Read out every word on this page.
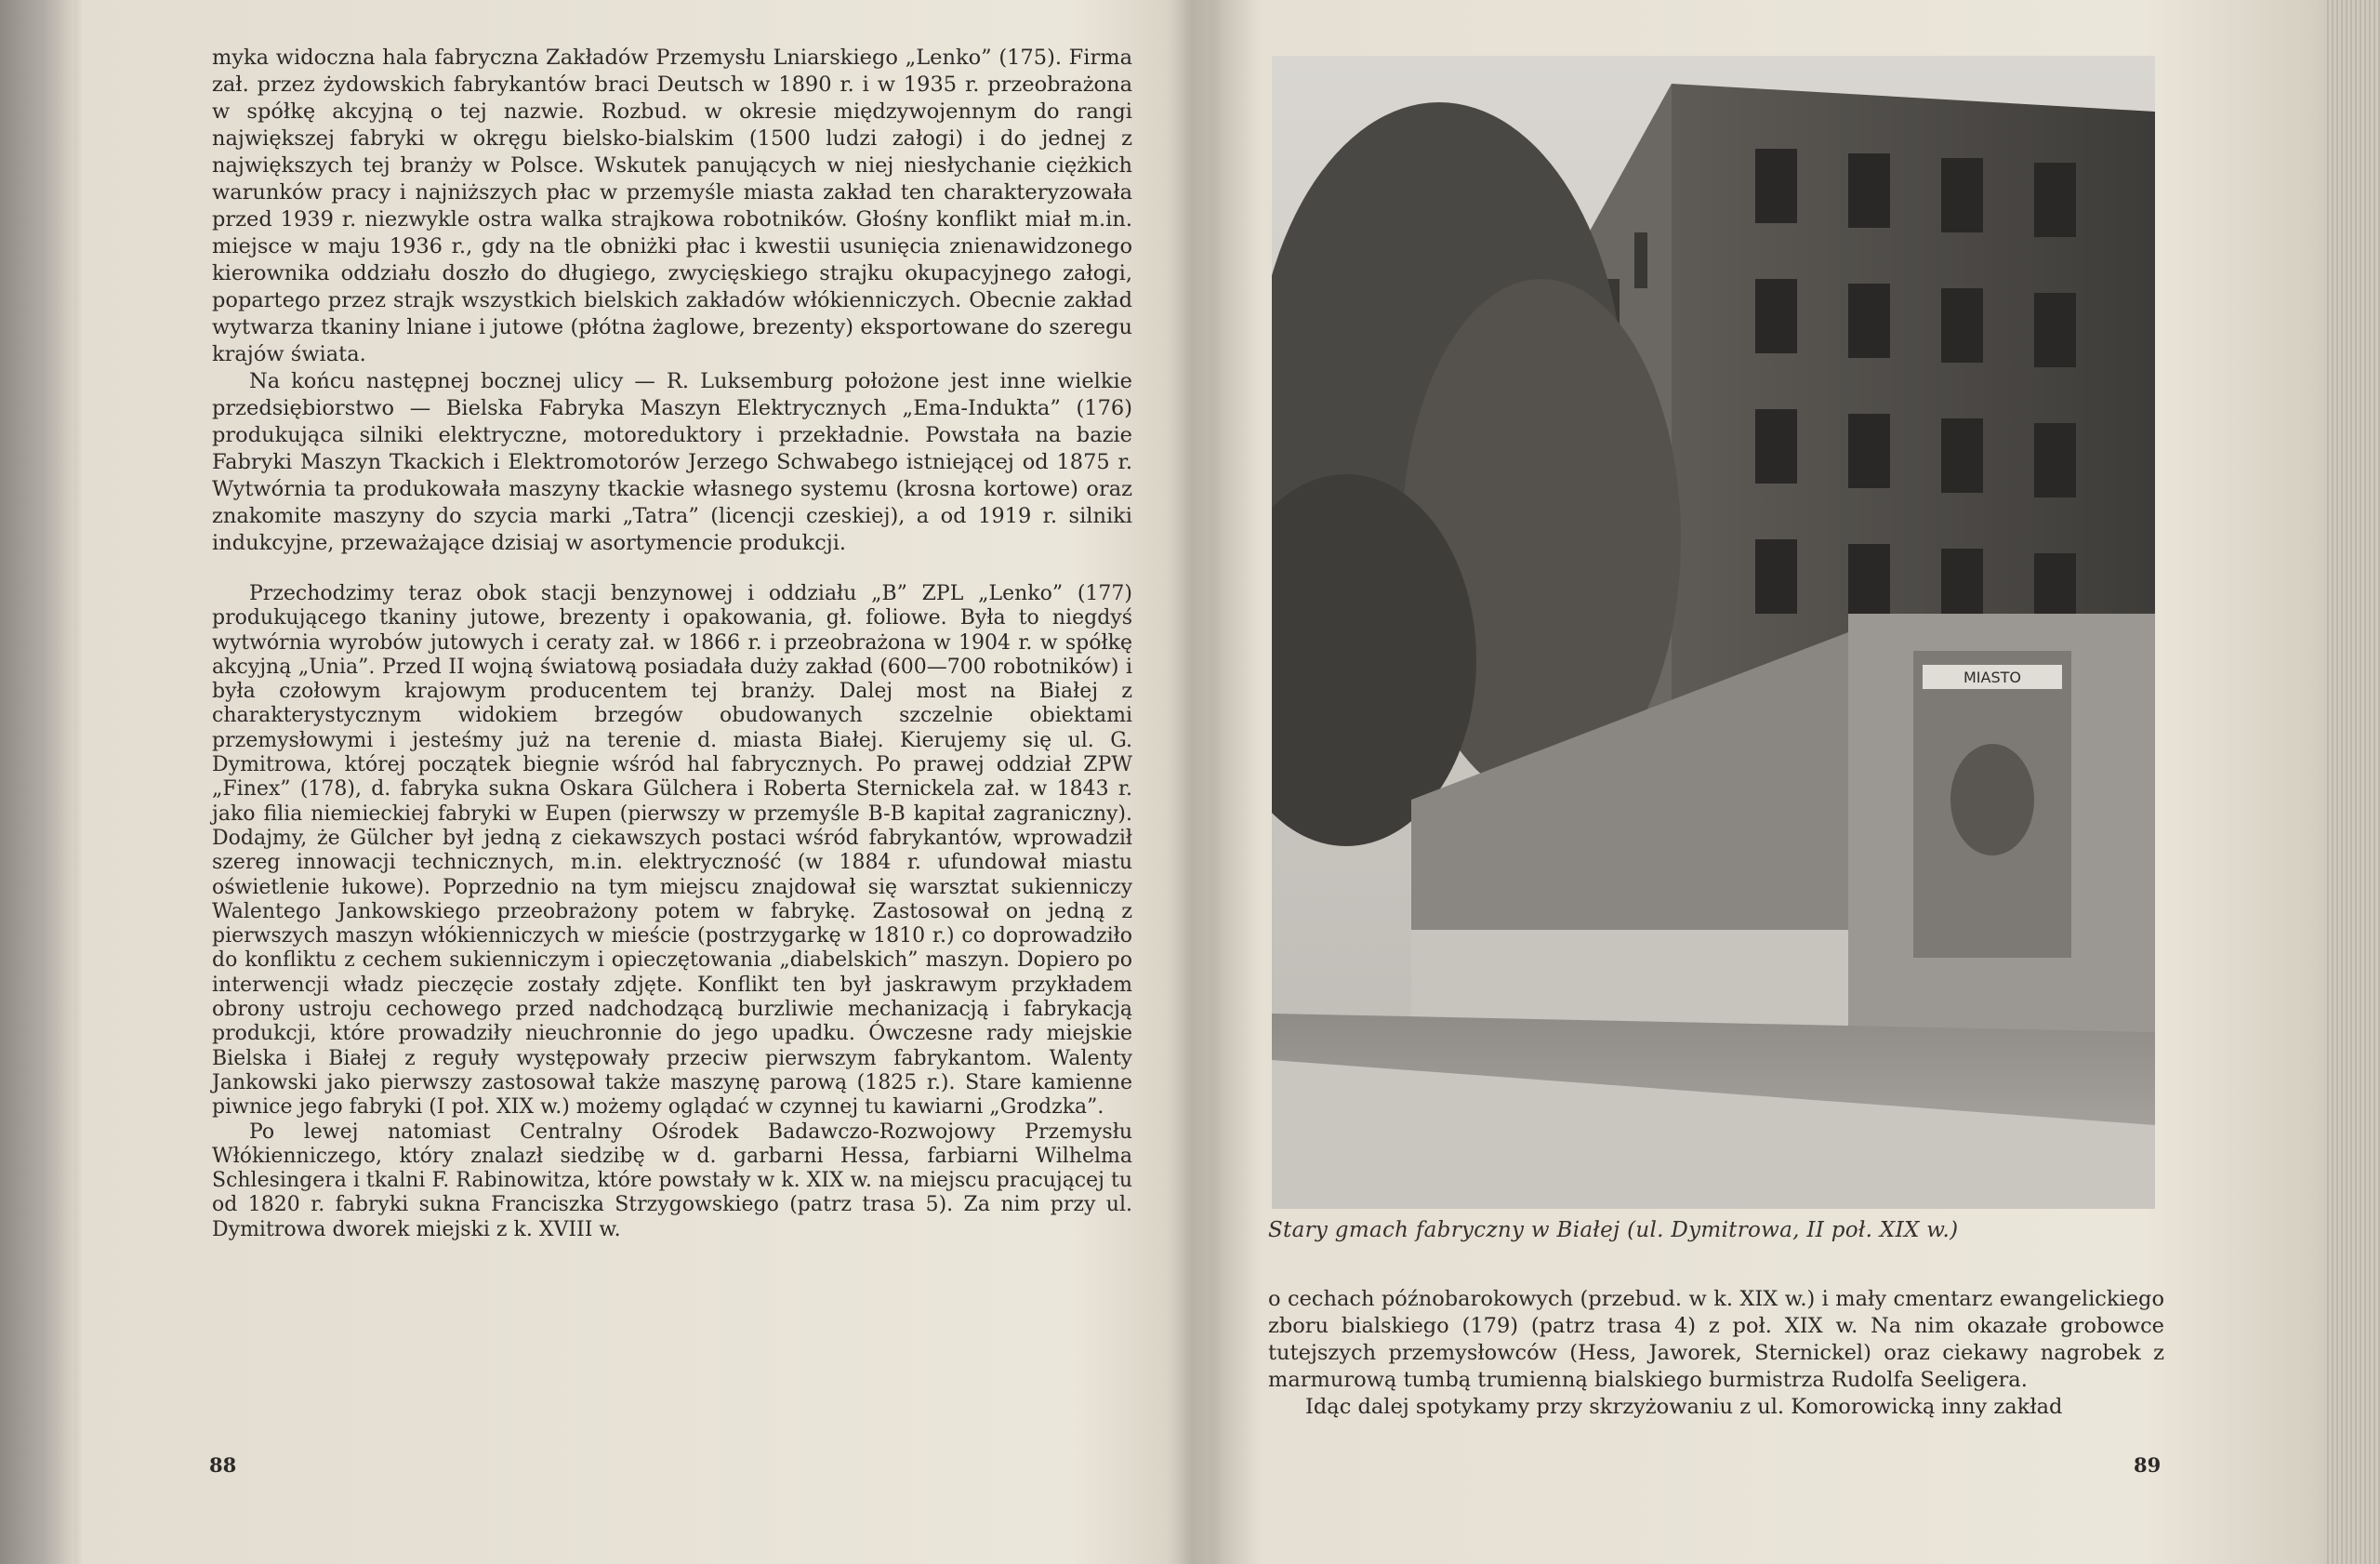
myka widoczna hala fabryczna Zakładów Przemysłu Lniarskiego „Lenko” (175). Firma zał. przez żydowskich fabrykantów braci Deutsch w 1890 r. i w 1935 r. przeobrażona w spółkę akcyjną o tej nazwie. Rozbud. w okresie międzywojennym do rangi największej fabryki w okręgu bielsko-bialskim (1500 ludzi załogi) i do jednej z największych tej branży w Polsce. Wskutek panujących w niej niesłychanie ciężkich warunków pracy i najniższych płac w przemyśle miasta zakład ten charakteryzowała przed 1939 r. niezwykle ostra walka strajkowa robotników. Głośny konflikt miał m.in. miejsce w maju 1936 r., gdy na tle obniżki płac i kwestii usunięcia znienawidzonego kierownika oddziału doszło do długiego, zwycięskiego strajku okupacyjnego załogi, popartego przez strajk wszystkich bielskich zakładów włókienniczych. Obecnie zakład wytwarza tkaniny lniane i jutowe (płótna żaglowe, brezenty) eksportowane do szeregu krajów świata.

Na końcu następnej bocznej ulicy — R. Luksemburg położone jest inne wielkie przedsiębiorstwo — Bielska Fabryka Maszyn Elektrycznych „Ema-Indukta” (176) produkująca silniki elektryczne, motoreduktory i przekładnie. Powstała na bazie Fabryki Maszyn Tkackich i Elektromotorów Jerzego Schwabego istniejącej od 1875 r. Wytwórnia ta produkowała maszyny tkackie własnego systemu (krosna kortowe) oraz znakomite maszyny do szycia marki „Tatra” (licencji czeskiej), a od 1919 r. silniki indukcyjne, przeważające dzisiaj w asortymencie produkcji.

Przechodzimy teraz obok stacji benzynowej i oddziału „B” ZPL „Lenko” (177) produkującego tkaniny jutowe, brezenty i opakowania, gł. foliowe. Była to niegdyś wytwórnia wyrobów jutowych i ceraty zał. w 1866 r. i przeobrażona w 1904 r. w spółkę akcyjną „Unia”. Przed II wojną światową posiadała duży zakład (600—700 robotników) i była czołowym krajowym producentem tej branży. Dalej most na Białej z charakterystycznym widokiem brzegów obudowanych szczelnie obiektami przemysłowymi i jesteśmy już na terenie d. miasta Białej. Kierujemy się ul. G. Dymitrowa, której początek biegnie wśród hal fabrycznych. Po prawej oddział ZPW „Finex” (178), d. fabryka sukna Oskara Gülchera i Roberta Sternickela zał. w 1843 r. jako filia niemieckiej fabryki w Eupen (pierwszy w przemyśle B-B kapitał zagraniczny). Dodajmy, że Gülcher był jedną z ciekawszych postaci wśród fabrykantów, wprowadził szereg innowacji technicznych, m.in. elektryczność (w 1884 r. ufundował miastu oświetlenie łukowe). Poprzednio na tym miejscu znajdował się warsztat sukienniczy Walentego Jankowskiego przeobrażony potem w fabrykę. Zastosował on jedną z pierwszych maszyn włókienniczych w mieście (postrzygarkę w 1810 r.) co doprowadziło do konfliktu z cechem sukienniczym i opieczętowania „diabelskich” maszyn. Dopiero po interwencji władz pieczęcie zostały zdjęte. Konflikt ten był jaskrawym przykładem obrony ustroju cechowego przed nadchodzącą burzliwie mechanizacją i fabrykacją produkcji, które prowadziły nieuchronnie do jego upadku. Ówczesne rady miejskie Bielska i Białej z reguły występowały przeciw pierwszym fabrykantom. Walenty Jankowski jako pierwszy zastosował także maszynę parową (1825 r.). Stare kamienne piwnice jego fabryki (I poł. XIX w.) możemy oglądać w czynnej tu kawiarni „Grodzka”.

Po lewej natomiast Centralny Ośrodek Badawczo-Rozwojowy Przemysłu Włókienniczego, który znalazł siedzibę w d. garbarni Hessa, farbiarni Wilhelma Schlesingera i tkalni F. Rabinowitza, które powstały w k. XIX w. na miejscu pracującej tu od 1820 r. fabryki sukna Franciszka Strzygowskiego (patrz trasa 5). Za nim przy ul. Dymitrowa dworek miejski z k. XVIII w.

88
MIASTO
Stary gmach fabryczny w Białej (ul. Dymitrowa, II poł. XIX w.)

o cechach późnobarokowych (przebud. w k. XIX w.) i mały cmentarz ewangelickiego zboru bialskiego (179) (patrz trasa 4) z poł. XIX w. Na nim okazałe grobowce tutejszych przemysłowców (Hess, Jaworek, Sternickel) oraz ciekawy nagrobek z marmurową tumbą trumienną bialskiego burmistrza Rudolfa Seeligera.

Idąc dalej spotykamy przy skrzyżowaniu z ul. Komorowicką inny zakład

89
